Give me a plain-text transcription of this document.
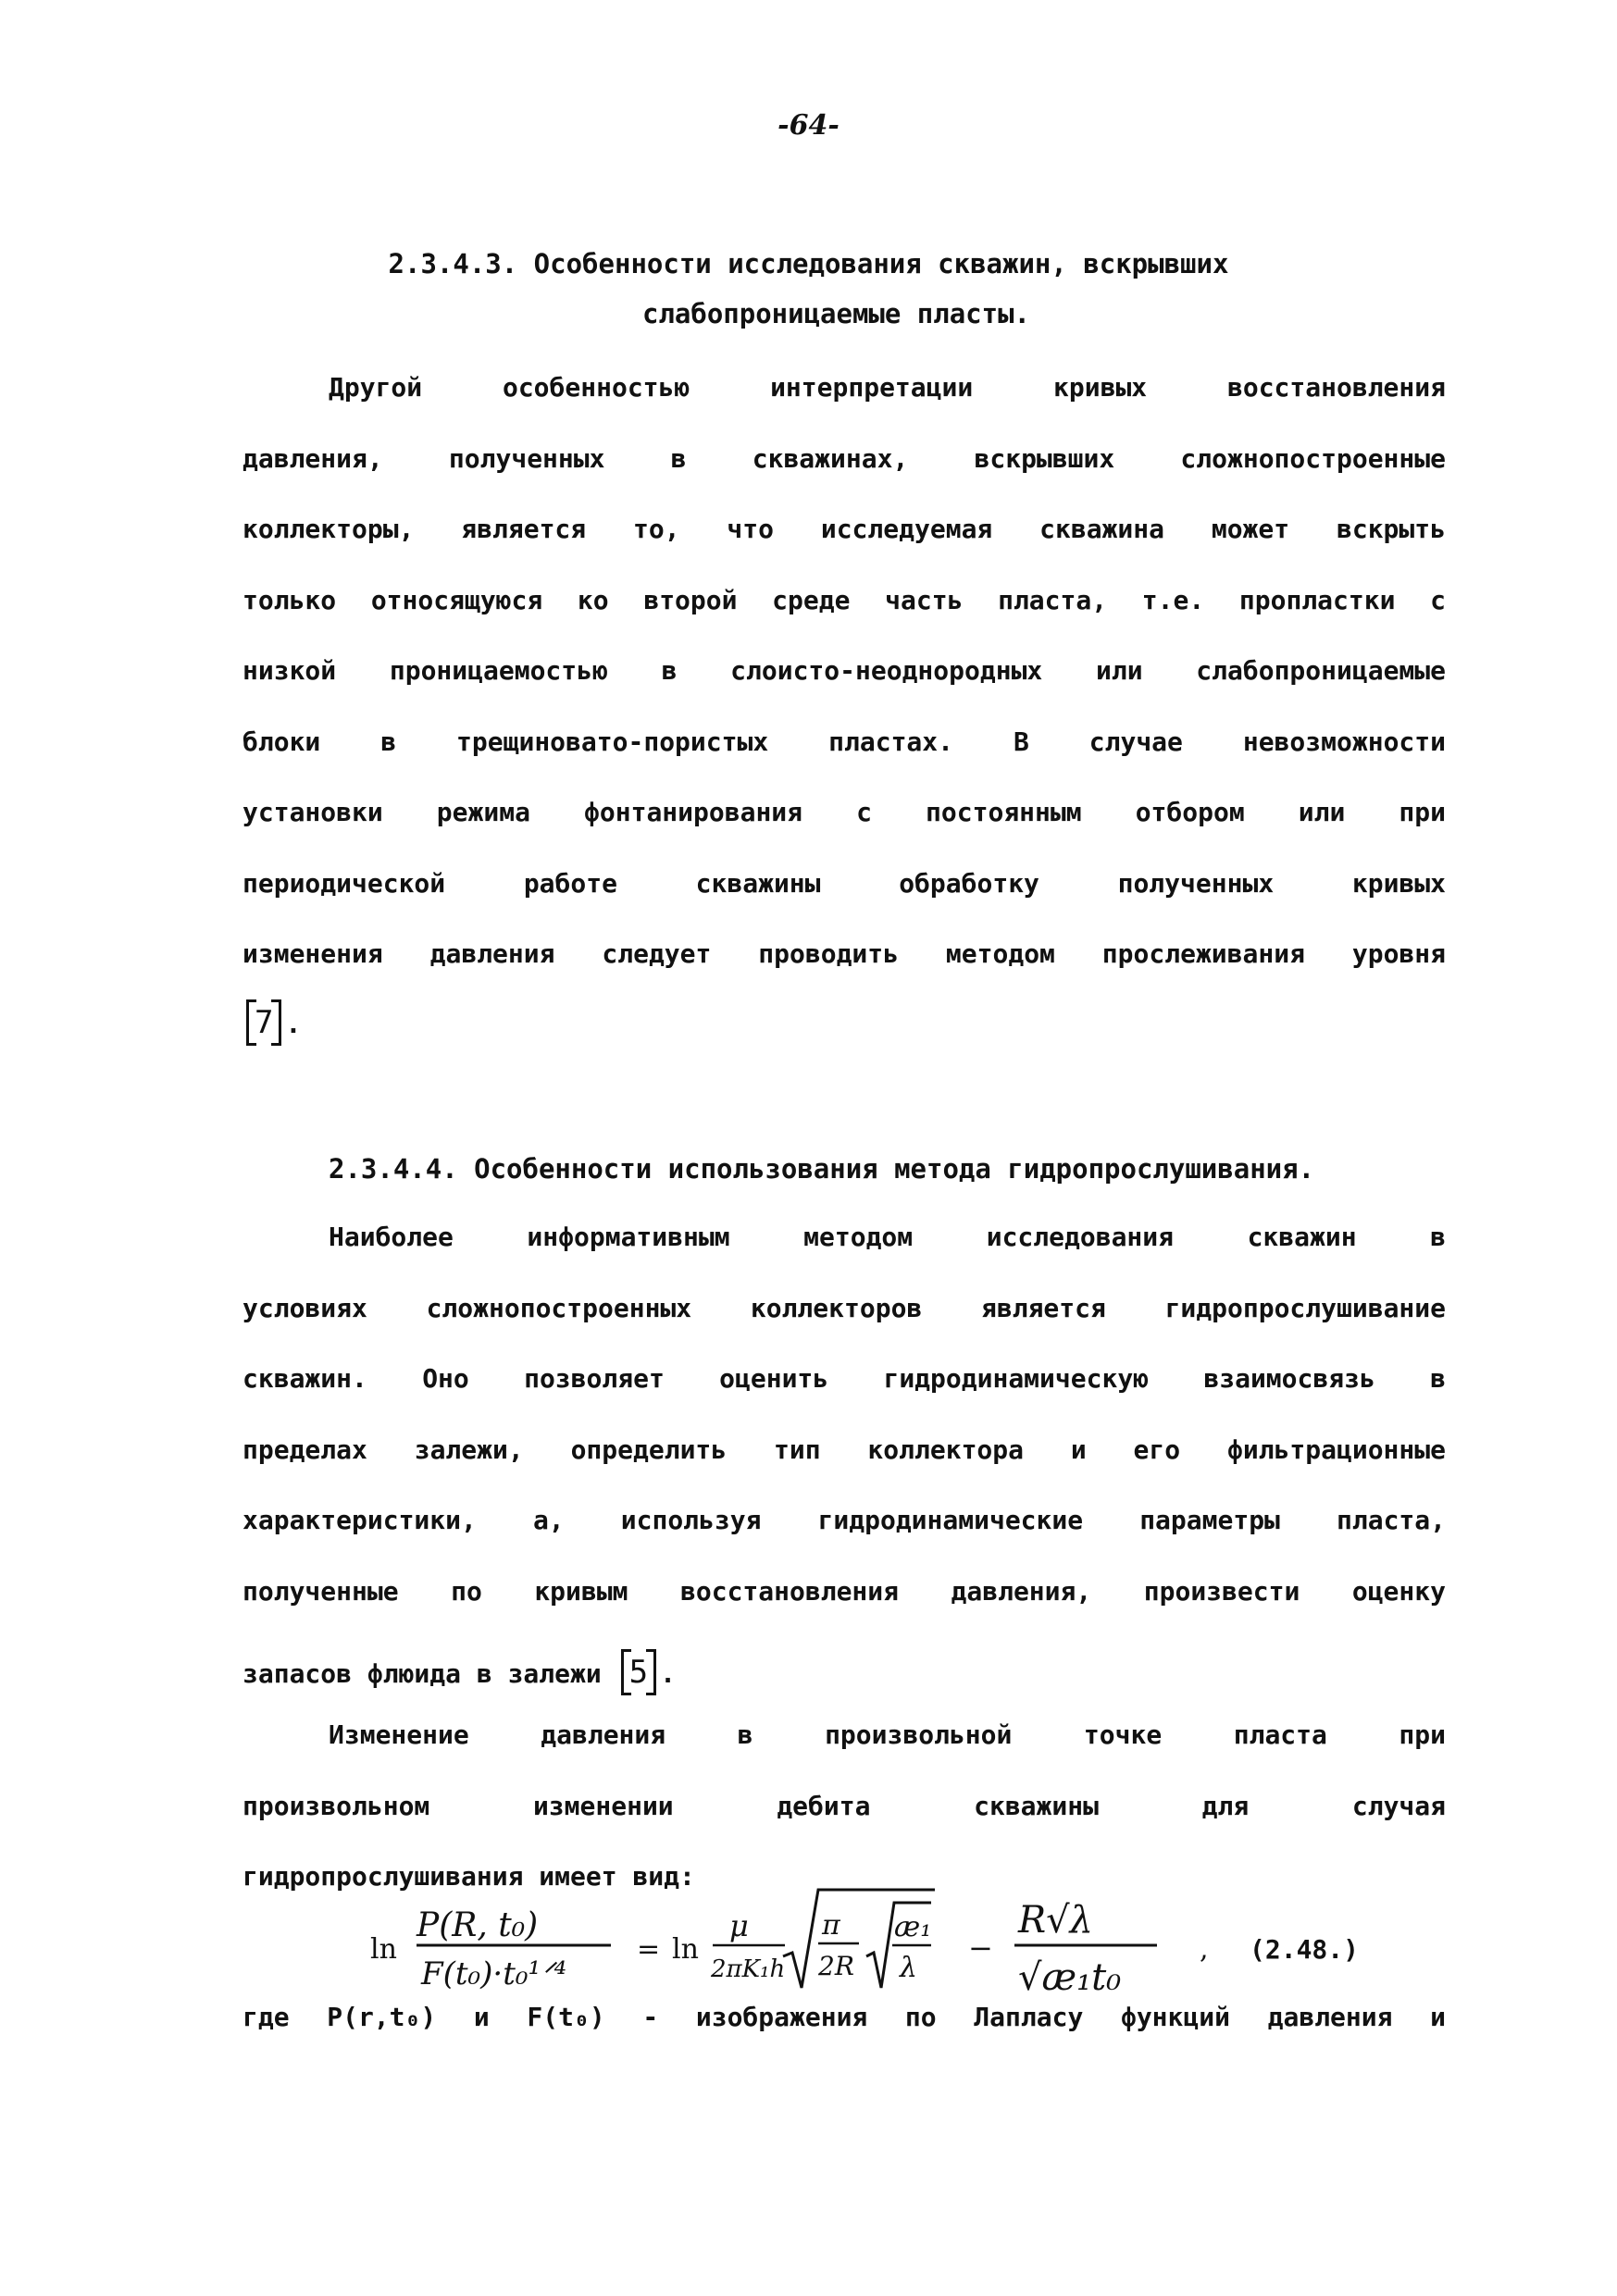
-64-
2.3.4.3. Особенности исследования скважин, вскрывших
слабопроницаемые пласты.
Другой особенностью интерпретации кривых восстановления
давления, полученных в скважинах, вскрывших сложнопостроенные
коллекторы, является то, что исследуемая скважина может вскрыть
только относящуюся ко второй среде часть пласта, т.е. пропластки с
низкой проницаемостью в слоисто-неоднородных или слабопроницаемые
блоки в трещиновато-пористых пластах. В случае невозможности
установки режима фонтанирования с постоянным отбором или при
периодической работе скважины обработку полученных кривых
изменения давления следует проводить методом прослеживания уровня
7 .
2.3.4.4. Особенности использования метода гидропрослушивания.
Наиболее информативным методом исследования скважин в
условиях сложнопостроенных коллекторов является гидропрослушивание
скважин. Оно позволяет оценить гидродинамическую взаимосвязь в
пределах залежи, определить тип коллектора и его фильтрационные
характеристики, а, используя гидродинамические параметры пласта,
полученные по кривым восстановления давления, произвести оценку
запасов флюида в залежи 5 .
Изменение давления в произвольной точке пласта при
произвольном изменении дебита скважины для случая
гидропрослушивания имеет вид:
ln
P(R, t₀)
F(t₀)·t₀¹ᐟ⁴
= ln
μ
2πK₁h
π
2R
æ₁
λ
−
R√λ
√æ₁t₀
, (2.48.)
где P(r,t₀) и F(t₀) - изображения по Лапласу функций давления и
